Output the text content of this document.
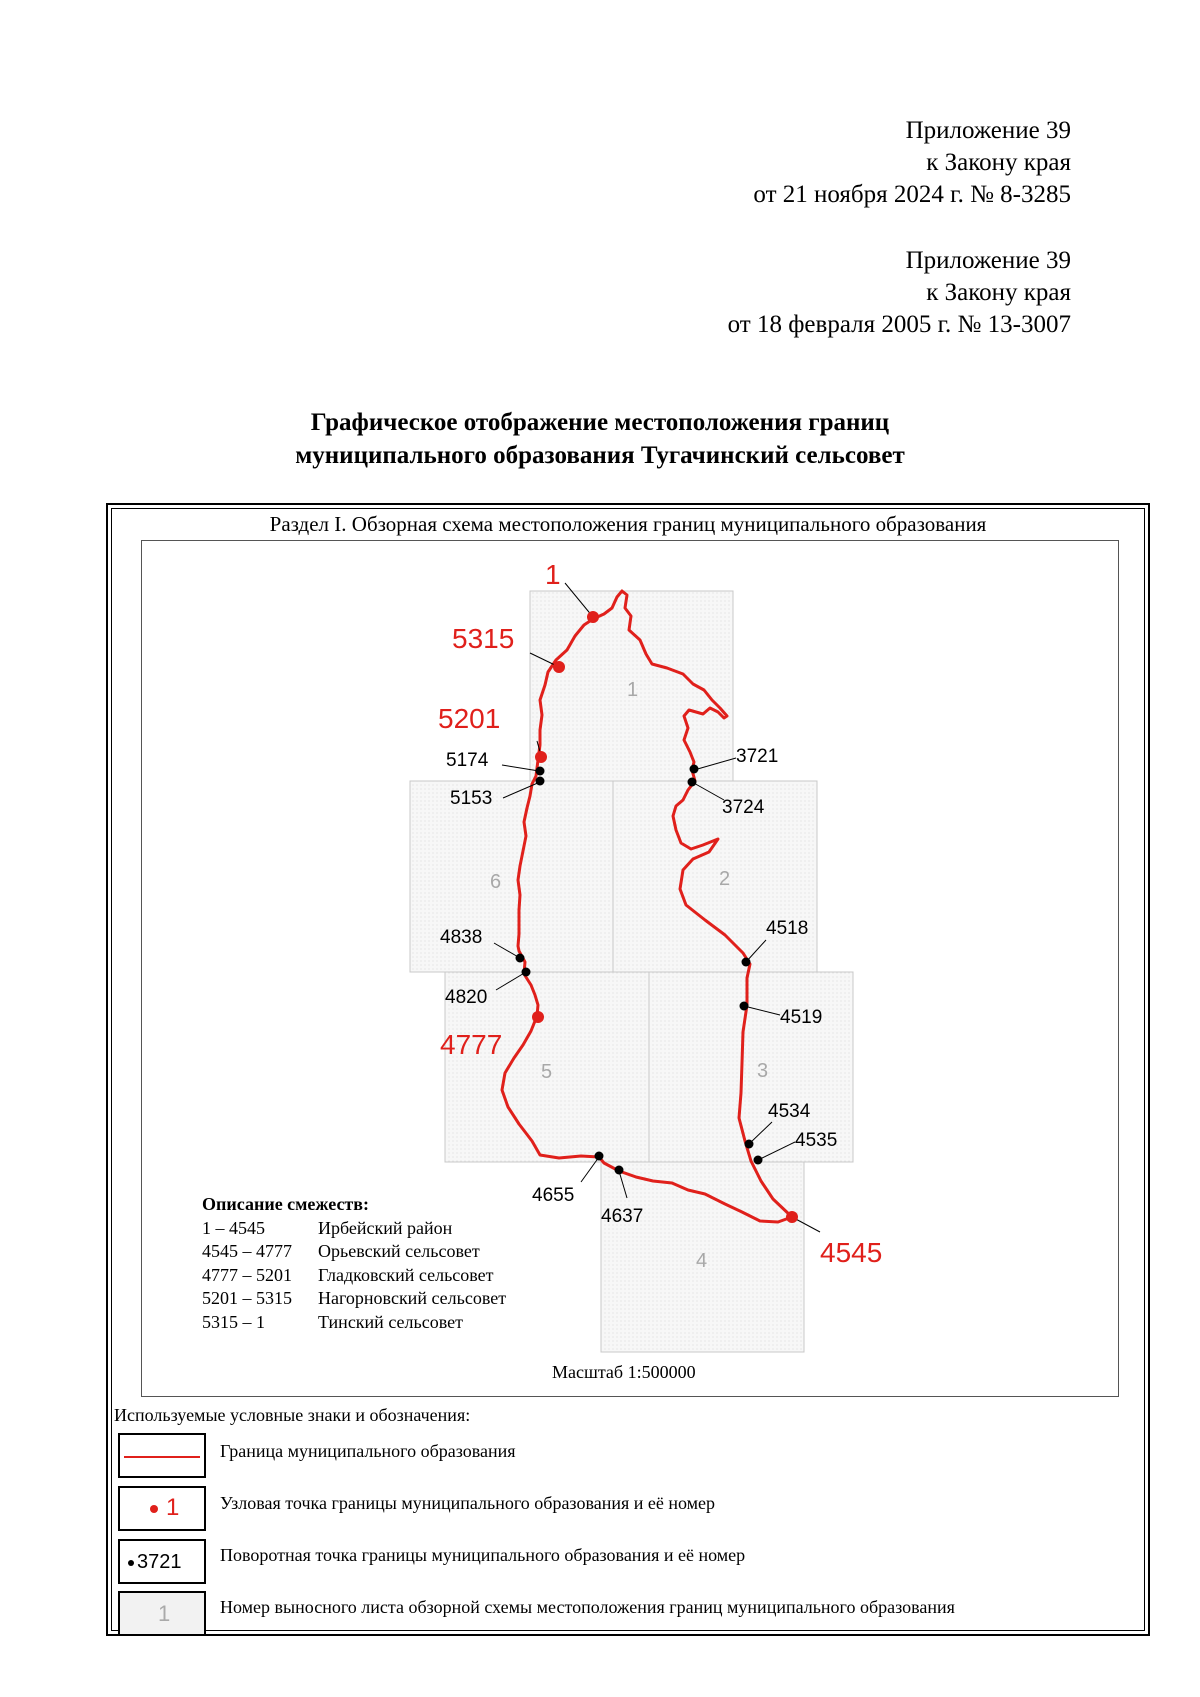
Приложение 39
к Закону края
от 21 ноября 2024 г. № 8-3285
Приложение 39
к Закону края
от 18 февраля 2005 г. № 13-3007
Графическое отображение местоположения границ
муниципального образования Тугачинский сельсовет
Раздел I. Обзорная схема местоположения границ муниципального образования
1
2
3
4
5
6
1
5315
5201
4777
4545
5174
5153
3721
3724
4838
4820
4518
4519
4534
4535
4655
4637
Описание смежеств:
1 – 4545	Ирбейский район
4545 – 4777 Орьевский сельсовет
4777 – 5201 Гладковский сельсовет
5201 – 5315 Нагорновский сельсовет
5315 – 1	Тинский сельсовет
Масштаб 1:500000
Используемые условные знаки и обозначения:
Граница муниципального образования
1 Узловая точка границы муниципального образования и её номер
3721 Поворотная точка границы муниципального образования и её номер
1	Номер выносного листа обзорной схемы местоположения границ муниципального образования
